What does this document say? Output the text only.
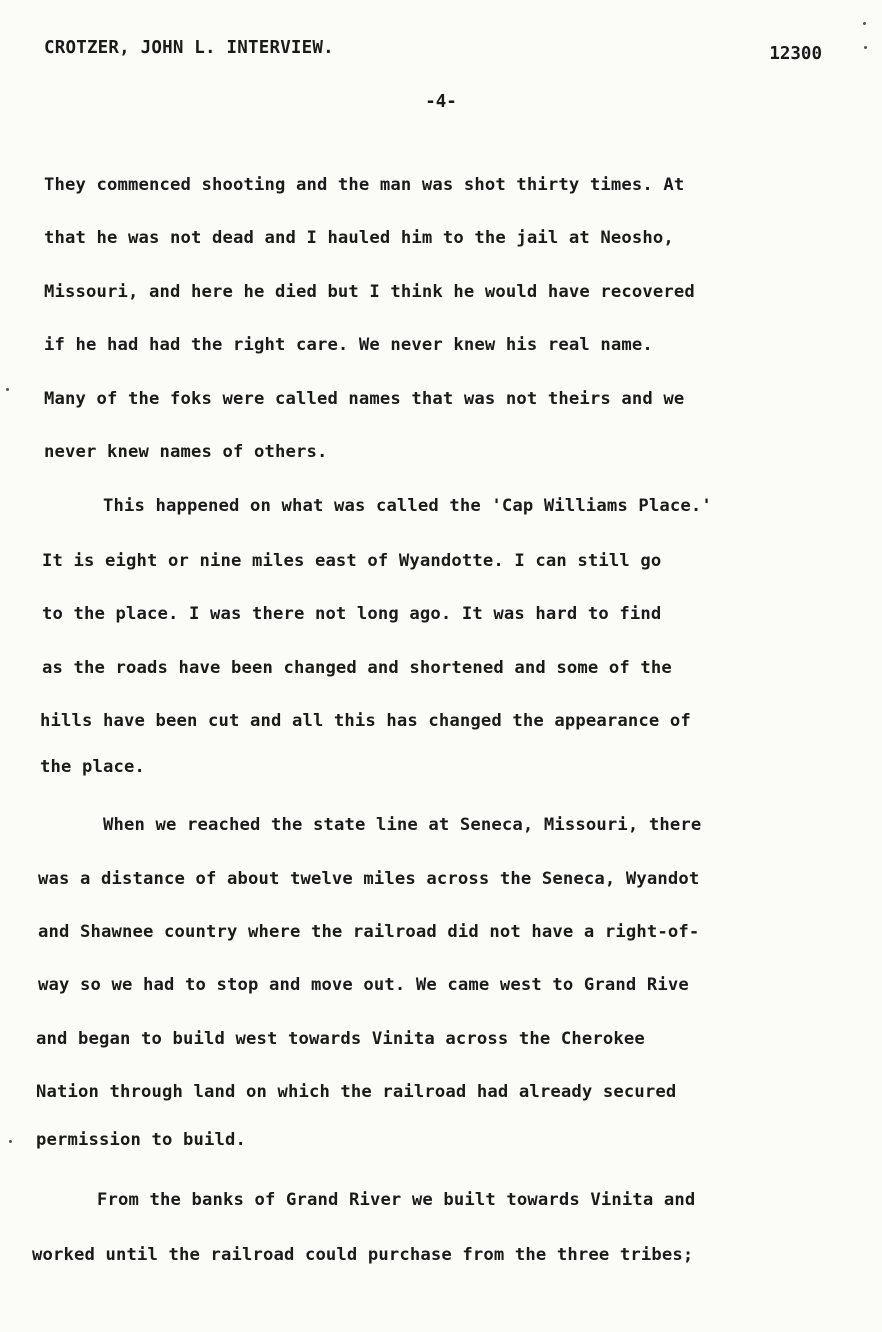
CROTZER, JOHN L. INTERVIEW.	12300
-4-
They commenced shooting and the man was shot thirty times. At
that he was not dead and I hauled him to the jail at Neosho,
Missouri, and here he died but I think he would have recovered
if he had had the right care. We never knew his real name.
Many of the foks were called names that was not theirs and we
never knew names of others.
This happened on what was called the 'Cap Williams Place.'
It is eight or nine miles east of Wyandotte. I can still go
to the place. I was there not long ago. It was hard to find
as the roads have been changed and shortened and some of the
hills have been cut and all this has changed the appearance of
the place.
When we reached the state line at Seneca, Missouri, there
was a distance of about twelve miles across the Seneca, Wyandot
and Shawnee country where the railroad did not have a right-of-
way so we had to stop and move out. We came west to Grand Rive
and began to build west towards Vinita across the Cherokee
Nation through land on which the railroad had already secured
permission to build.
From the banks of Grand River we built towards Vinita and
worked until the railroad could purchase from the three tribes;
